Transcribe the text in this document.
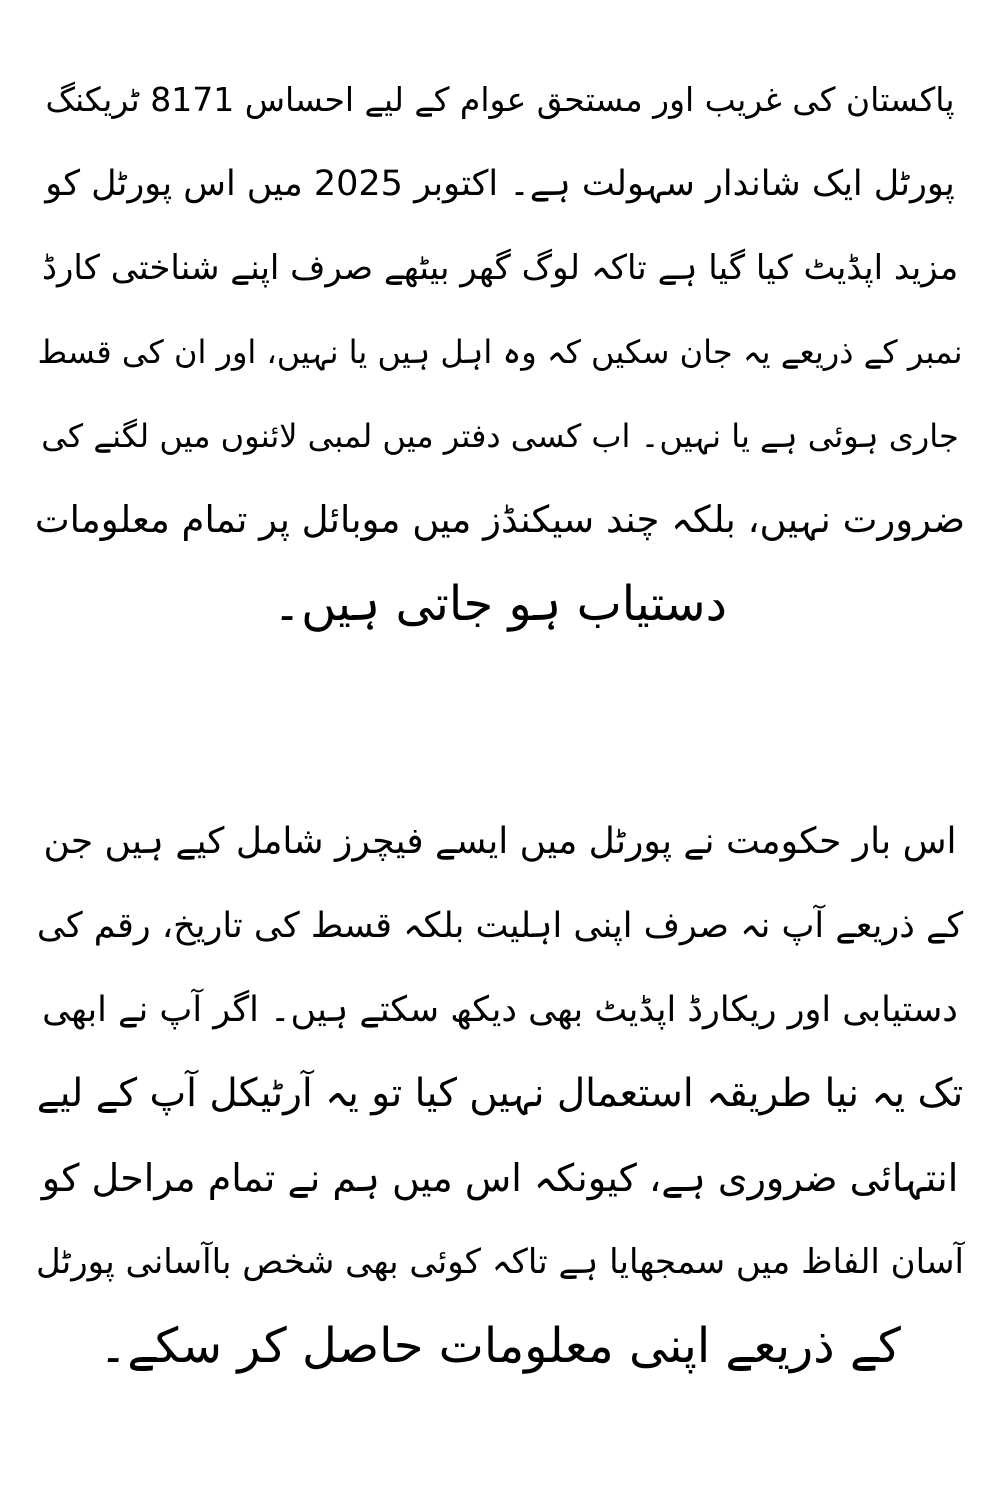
پاکستان کی غریب اور مستحق عوام کے لیے احساس 8171 ٹریکنگ
پورٹل ایک شاندار سہولت ہے۔ اکتوبر 2025 میں اس پورٹل کو
مزید اپڈیٹ کیا گیا ہے تاکہ لوگ گھر بیٹھے صرف اپنے شناختی کارڈ
نمبر کے ذریعے یہ جان سکیں کہ وہ اہل ہیں یا نہیں، اور ان کی قسط
جاری ہوئی ہے یا نہیں۔ اب کسی دفتر میں لمبی لائنوں میں لگنے کی
ضرورت نہیں، بلکہ چند سیکنڈز میں موبائل پر تمام معلومات
دستیاب ہو جاتی ہیں۔
اس بار حکومت نے پورٹل میں ایسے فیچرز شامل کیے ہیں جن
کے ذریعے آپ نہ صرف اپنی اہلیت بلکہ قسط کی تاریخ، رقم کی
دستیابی اور ریکارڈ اپڈیٹ بھی دیکھ سکتے ہیں۔ اگر آپ نے ابھی
تک یہ نیا طریقہ استعمال نہیں کیا تو یہ آرٹیکل آپ کے لیے
انتہائی ضروری ہے، کیونکہ اس میں ہم نے تمام مراحل کو
آسان الفاظ میں سمجھایا ہے تاکہ کوئی بھی شخص باآسانی پورٹل
کے ذریعے اپنی معلومات حاصل کر سکے۔
